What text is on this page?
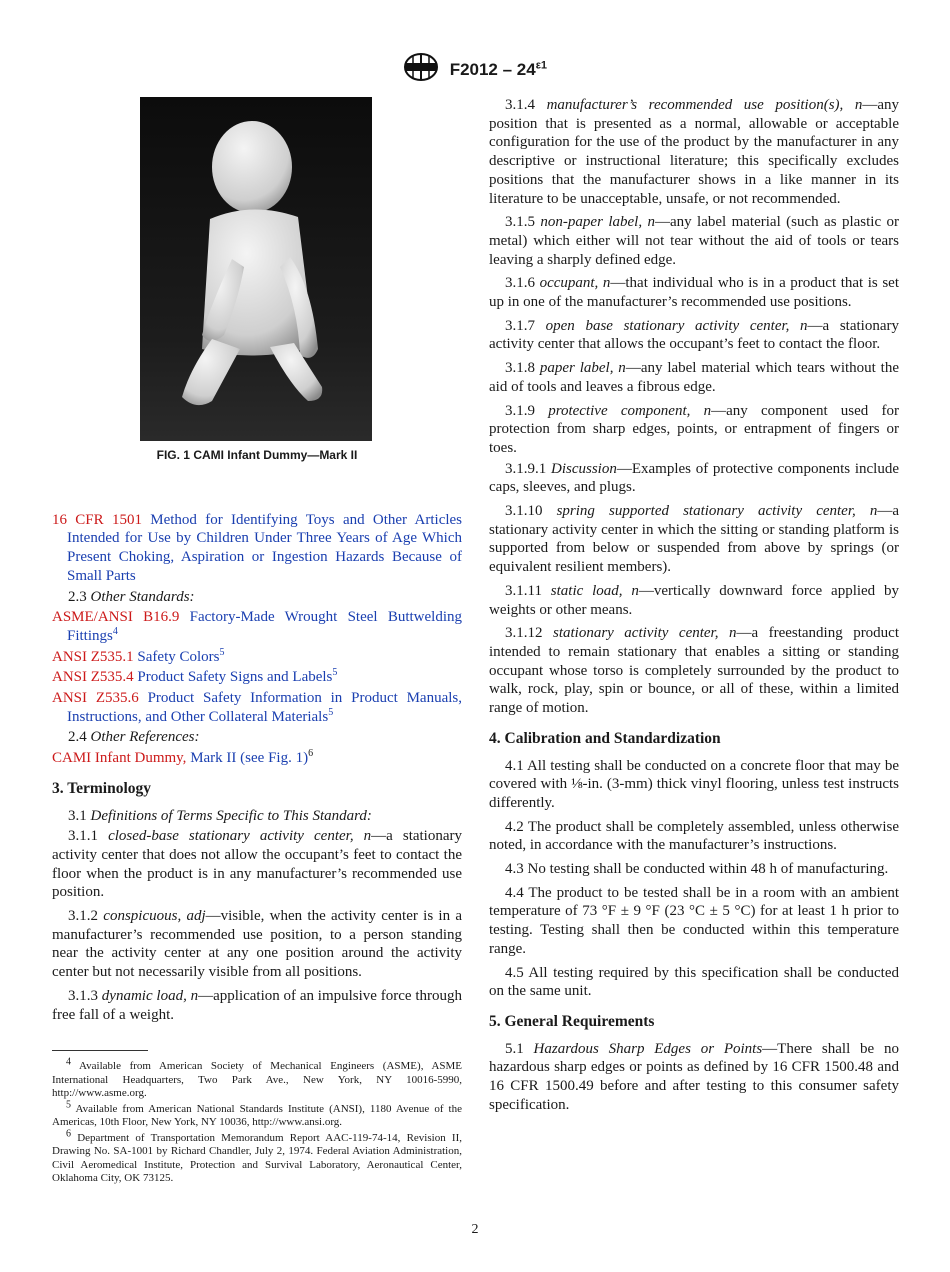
$F2012 - 24^{\varepsilon 1}$
FIG. 1 CAMI Infant Dummy—Mark II

16 CFR 1501 Method for Identifying Toys and Other Articles Intended for Use by Children Under Three Years of Age Which Present Choking, Aspiration or Ingestion Hazards Because of Small Parts

2.3 Other Standards:

ASME/ANSI B16.9 Factory-Made Wrought Steel Buttwelding Fittings$^4$

ANSI Z535.1 Safety Colors$^5$

ANSI Z535.4 Product Safety Signs and Labels$^5$

ANSI Z535.6 Product Safety Information in Product Manuals, Instructions, and Other Collateral Materials$^5$

2.4 Other References:

CAMI Infant Dummy, Mark II (see Fig. 1)$^6$

3. Terminology

3.1 Definitions of Terms Specific to This Standard:

3.1.1 closed-base stationary activity center, n—a stationary activity center that does not allow the occupant’s feet to contact the floor when the product is in any manufacturer’s recommended use position.

3.1.2 conspicuous, adj—visible, when the activity center is in a manufacturer’s recommended use position, to a person standing near the activity center at any one position around the activity center but not necessarily visible from all positions.

3.1.3 dynamic load, n—application of an impulsive force through free fall of a weight.

3.1.4 manufacturer’s recommended use position(s), n—any position that is presented as a normal, allowable or acceptable configuration for the use of the product by the manufacturer in any descriptive or instructional literature; this specifically excludes positions that the manufacturer shows in a like manner in its literature to be unacceptable, unsafe, or not recommended.

3.1.5 non-paper label, n—any label material (such as plastic or metal) which either will not tear without the aid of tools or tears leaving a sharply defined edge.

3.1.6 occupant, n—that individual who is in a product that is set up in one of the manufacturer’s recommended use positions.

3.1.7 open base stationary activity center, n—a stationary activity center that allows the occupant’s feet to contact the floor.

3.1.8 paper label, n—any label material which tears without the aid of tools and leaves a fibrous edge.

3.1.9 protective component, n—any component used for protection from sharp edges, points, or entrapment of fingers or toes.

3.1.9.1 Discussion—Examples of protective components include caps, sleeves, and plugs.

3.1.10 spring supported stationary activity center, n—a stationary activity center in which the sitting or standing platform is supported from below or suspended from above by springs (or equivalent resilient members).

3.1.11 static load, n—vertically downward force applied by weights or other means.

3.1.12 stationary activity center, n—a freestanding product intended to remain stationary that enables a sitting or standing occupant whose torso is completely surrounded by the product to walk, rock, play, spin or bounce, or all of these, within a limited range of motion.

4. Calibration and Standardization

4.1 All testing shall be conducted on a concrete floor that may be covered with ⅛-in. (3-mm) thick vinyl flooring, unless test instructs differently.

4.2 The product shall be completely assembled, unless otherwise noted, in accordance with the manufacturer’s instructions.

4.3 No testing shall be conducted within 48 h of manufacturing.

4.4 The product to be tested shall be in a room with an ambient temperature of 73 °F ± 9 °F (23 °C ± 5 °C) for at least 1 h prior to testing. Testing shall then be conducted within this temperature range.

4.5 All testing required by this specification shall be conducted on the same unit.

5. General Requirements

5.1 Hazardous Sharp Edges or Points—There shall be no hazardous sharp edges or points as defined by 16 CFR 1500.48 and 16 CFR 1500.49 before and after testing to this consumer safety specification.

$^4$ Available from American Society of Mechanical Engineers (ASME), ASME International Headquarters, Two Park Ave., New York, NY 10016-5990, http://www.asme.org.

$^5$ Available from American National Standards Institute (ANSI), 1180 Avenue of the Americas, 10th Floor, New York, NY 10036, http://www.ansi.org.

$^6$ Department of Transportation Memorandum Report AAC-119-74-14, Revision II, Drawing No. SA-1001 by Richard Chandler, July 2, 1974. Federal Aviation Administration, Civil Aeromedical Institute, Protection and Survival Laboratory, Aeronautical Center, Oklahoma City, OK 73125.

2
